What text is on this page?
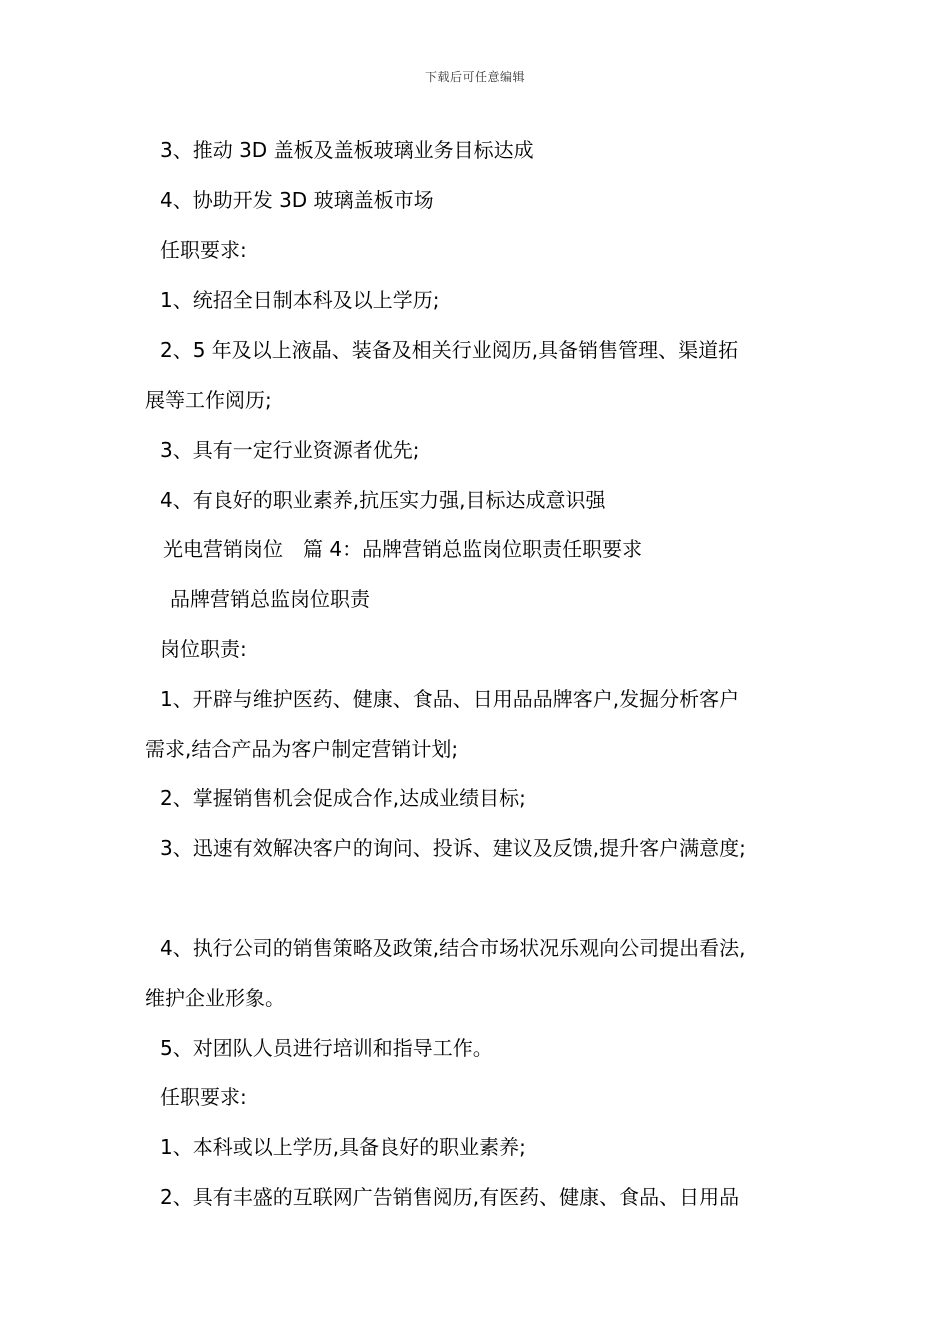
下载后可任意编辑
3、推动 3D 盖板及盖板玻璃业务目标达成
4、协助开发 3D 玻璃盖板市场
任职要求:
1、统招全日制本科及以上学历;
2、5 年及以上液晶、装备及相关行业阅历,具备销售管理、渠道拓
展等工作阅历;
3、具有一定行业资源者优先;
4、有良好的职业素养,抗压实力强,目标达成意识强
光电营销岗位　篇 4：品牌营销总监岗位职责任职要求
品牌营销总监岗位职责
岗位职责:
1、开辟与维护医药、健康、食品、日用品品牌客户,发掘分析客户
需求,结合产品为客户制定营销计划;
2、掌握销售机会促成合作,达成业绩目标;
3、迅速有效解决客户的询问、投诉、建议及反馈,提升客户满意度;
4、执行公司的销售策略及政策,结合市场状况乐观向公司提出看法,
维护企业形象。
5、对团队人员进行培训和指导工作。
任职要求:
1、本科或以上学历,具备良好的职业素养;
2、具有丰盛的互联网广告销售阅历,有医药、健康、食品、日用品
